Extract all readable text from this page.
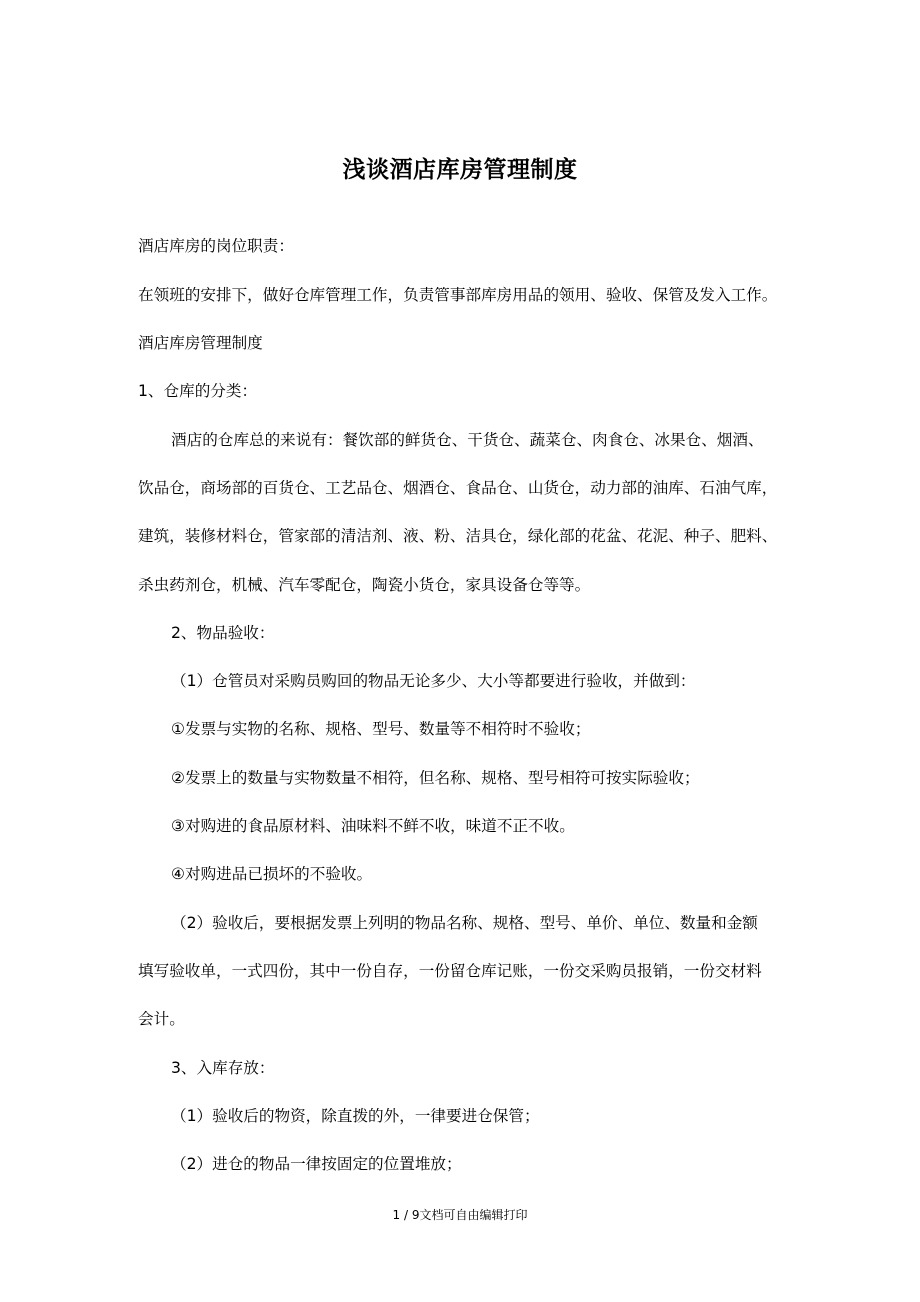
浅谈酒店库房管理制度
酒店库房的岗位职责：
在领班的安排下，做好仓库管理工作，负责管事部库房用品的领用、验收、保管及发入工作。
酒店库房管理制度
1、仓库的分类：
酒店的仓库总的来说有：餐饮部的鲜货仓、干货仓、蔬菜仓、肉食仓、冰果仓、烟酒、
饮品仓，商场部的百货仓、工艺品仓、烟酒仓、食品仓、山货仓，动力部的油库、石油气库，
建筑，装修材料仓，管家部的清洁剂、液、粉、洁具仓，绿化部的花盆、花泥、种子、肥料、
杀虫药剂仓，机械、汽车零配仓，陶瓷小货仓，家具设备仓等等。
2、物品验收：
（1）仓管员对采购员购回的物品无论多少、大小等都要进行验收，并做到：
①发票与实物的名称、规格、型号、数量等不相符时不验收；
②发票上的数量与实物数量不相符，但名称、规格、型号相符可按实际验收；
③对购进的食品原材料、油味料不鲜不收，味道不正不收。
④对购进品已损坏的不验收。
（2）验收后，要根据发票上列明的物品名称、规格、型号、单价、单位、数量和金额
填写验收单，一式四份，其中一份自存，一份留仓库记账，一份交采购员报销，一份交材料
会计。
3、入库存放：
（1）验收后的物资，除直拨的外，一律要进仓保管；
（2）进仓的物品一律按固定的位置堆放；
1 / 9文档可自由编辑打印
